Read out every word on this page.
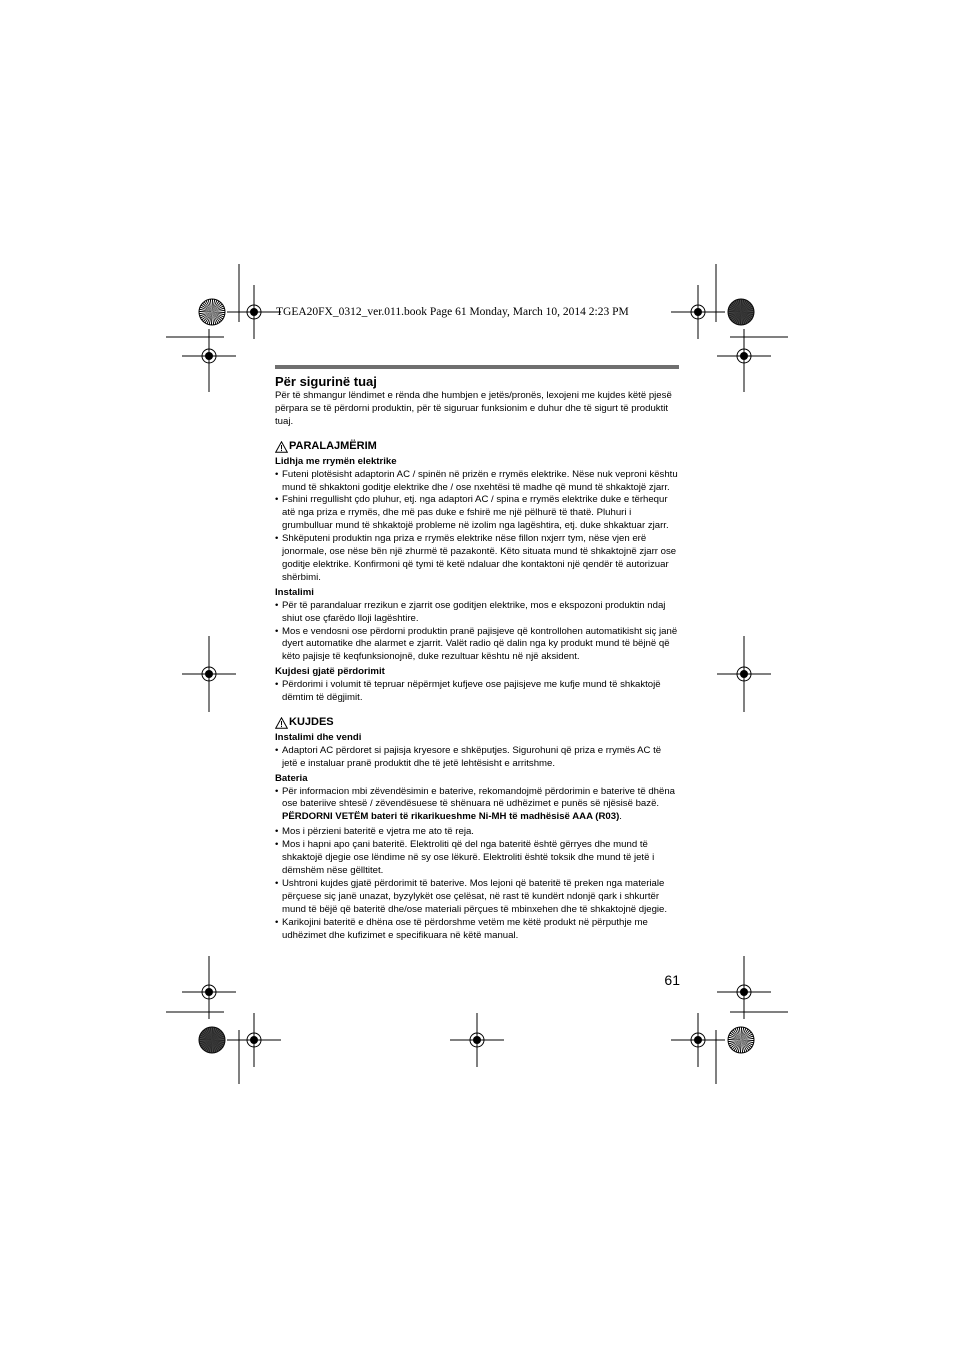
TGEA20FX_0312_ver.011.book Page 61 Monday, March 10, 2014 2:23 PM

Për sigurinë tuaj

Për të shmangur lëndimet e rënda dhe humbjen e jetës/pronës, lexojeni me kujdes këtë pjesë përpara se të përdorni produktin, për të siguruar funksionim e duhur dhe të sigurt të produktit tuaj.

PARALAJMËRIM

Lidhja me rrymën elektrike

• Futeni plotësisht adaptorin AC / spinën në prizën e rrymës elektrike. Nëse nuk veproni kështu mund të shkaktoni goditje elektrike dhe / ose nxehtësi të madhe që mund të shkaktojë zjarr.
• Fshini rregullisht çdo pluhur, etj. nga adaptori AC / spina e rrymës elektrike duke e tërhequr atë nga priza e rrymës, dhe më pas duke e fshirë me një pëlhurë të thatë. Pluhuri i grumbulluar mund të shkaktojë probleme në izolim nga lagështira, etj. duke shkaktuar zjarr.
• Shkëputeni produktin nga priza e rrymës elektrike nëse fillon nxjerr tym, nëse vjen erë jonormale, ose nëse bën një zhurmë të pazakontë. Këto situata mund të shkaktojnë zjarr ose goditje elektrike. Konfirmoni që tymi të ketë ndaluar dhe kontaktoni një qendër të autorizuar shërbimi.

Instalimi

• Për të parandaluar rrezikun e zjarrit ose goditjen elektrike, mos e ekspozoni produktin ndaj shiut ose çfarëdo lloji lagështire.
• Mos e vendosni ose përdorni produktin pranë pajisjeve që kontrollohen automatikisht siç janë dyert automatike dhe alarmet e zjarrit. Valët radio që dalin nga ky produkt mund të bëjnë që këto pajisje të keqfunksionojnë, duke rezultuar kështu në një aksident.

Kujdesi gjatë përdorimit

• Përdorimi i volumit të tepruar nëpërmjet kufjeve ose pajisjeve me kufje mund të shkaktojë dëmtim të dëgjimit.
KUJDES

Instalimi dhe vendi

• Adaptori AC përdoret si pajisja kryesore e shkëputjes. Sigurohuni që priza e rrymës AC të jetë e instaluar pranë produktit dhe të jetë lehtësisht e arritshme.

Bateria

• Për informacion mbi zëvendësimin e baterive, rekomandojmë përdorimin e baterive të dhëna ose bateriive shtesë / zëvendësuese të shënuara në udhëzimet e punës së njësisë bazë. PËRDORNI VETËM bateri të rikarikueshme Ni-MH të madhësisë AAA (R03).
• Mos i përzieni bateritë e vjetra me ato të reja.
• Mos i hapni apo çani bateritë. Elektroliti që del nga bateritë është gërryes dhe mund të shkaktojë djegie ose lëndime në sy ose lëkurë. Elektroliti është toksik dhe mund të jetë i dëmshëm nëse gëlltitet.
• Ushtroni kujdes gjatë përdorimit të baterive. Mos lejoni që bateritë të preken nga materiale përçuese siç janë unazat, byzylykët ose çelësat, në rast të kundërt ndonjë qark i shkurtër mund të bëjë që bateritë dhe/ose materiali përçues të mbinxehen dhe të shkaktojnë djegie.
• Karikojini bateritë e dhëna ose të përdorshme vetëm me këtë produkt në përputhje me udhëzimet dhe kufizimet e specifikuara në këtë manual.
61
